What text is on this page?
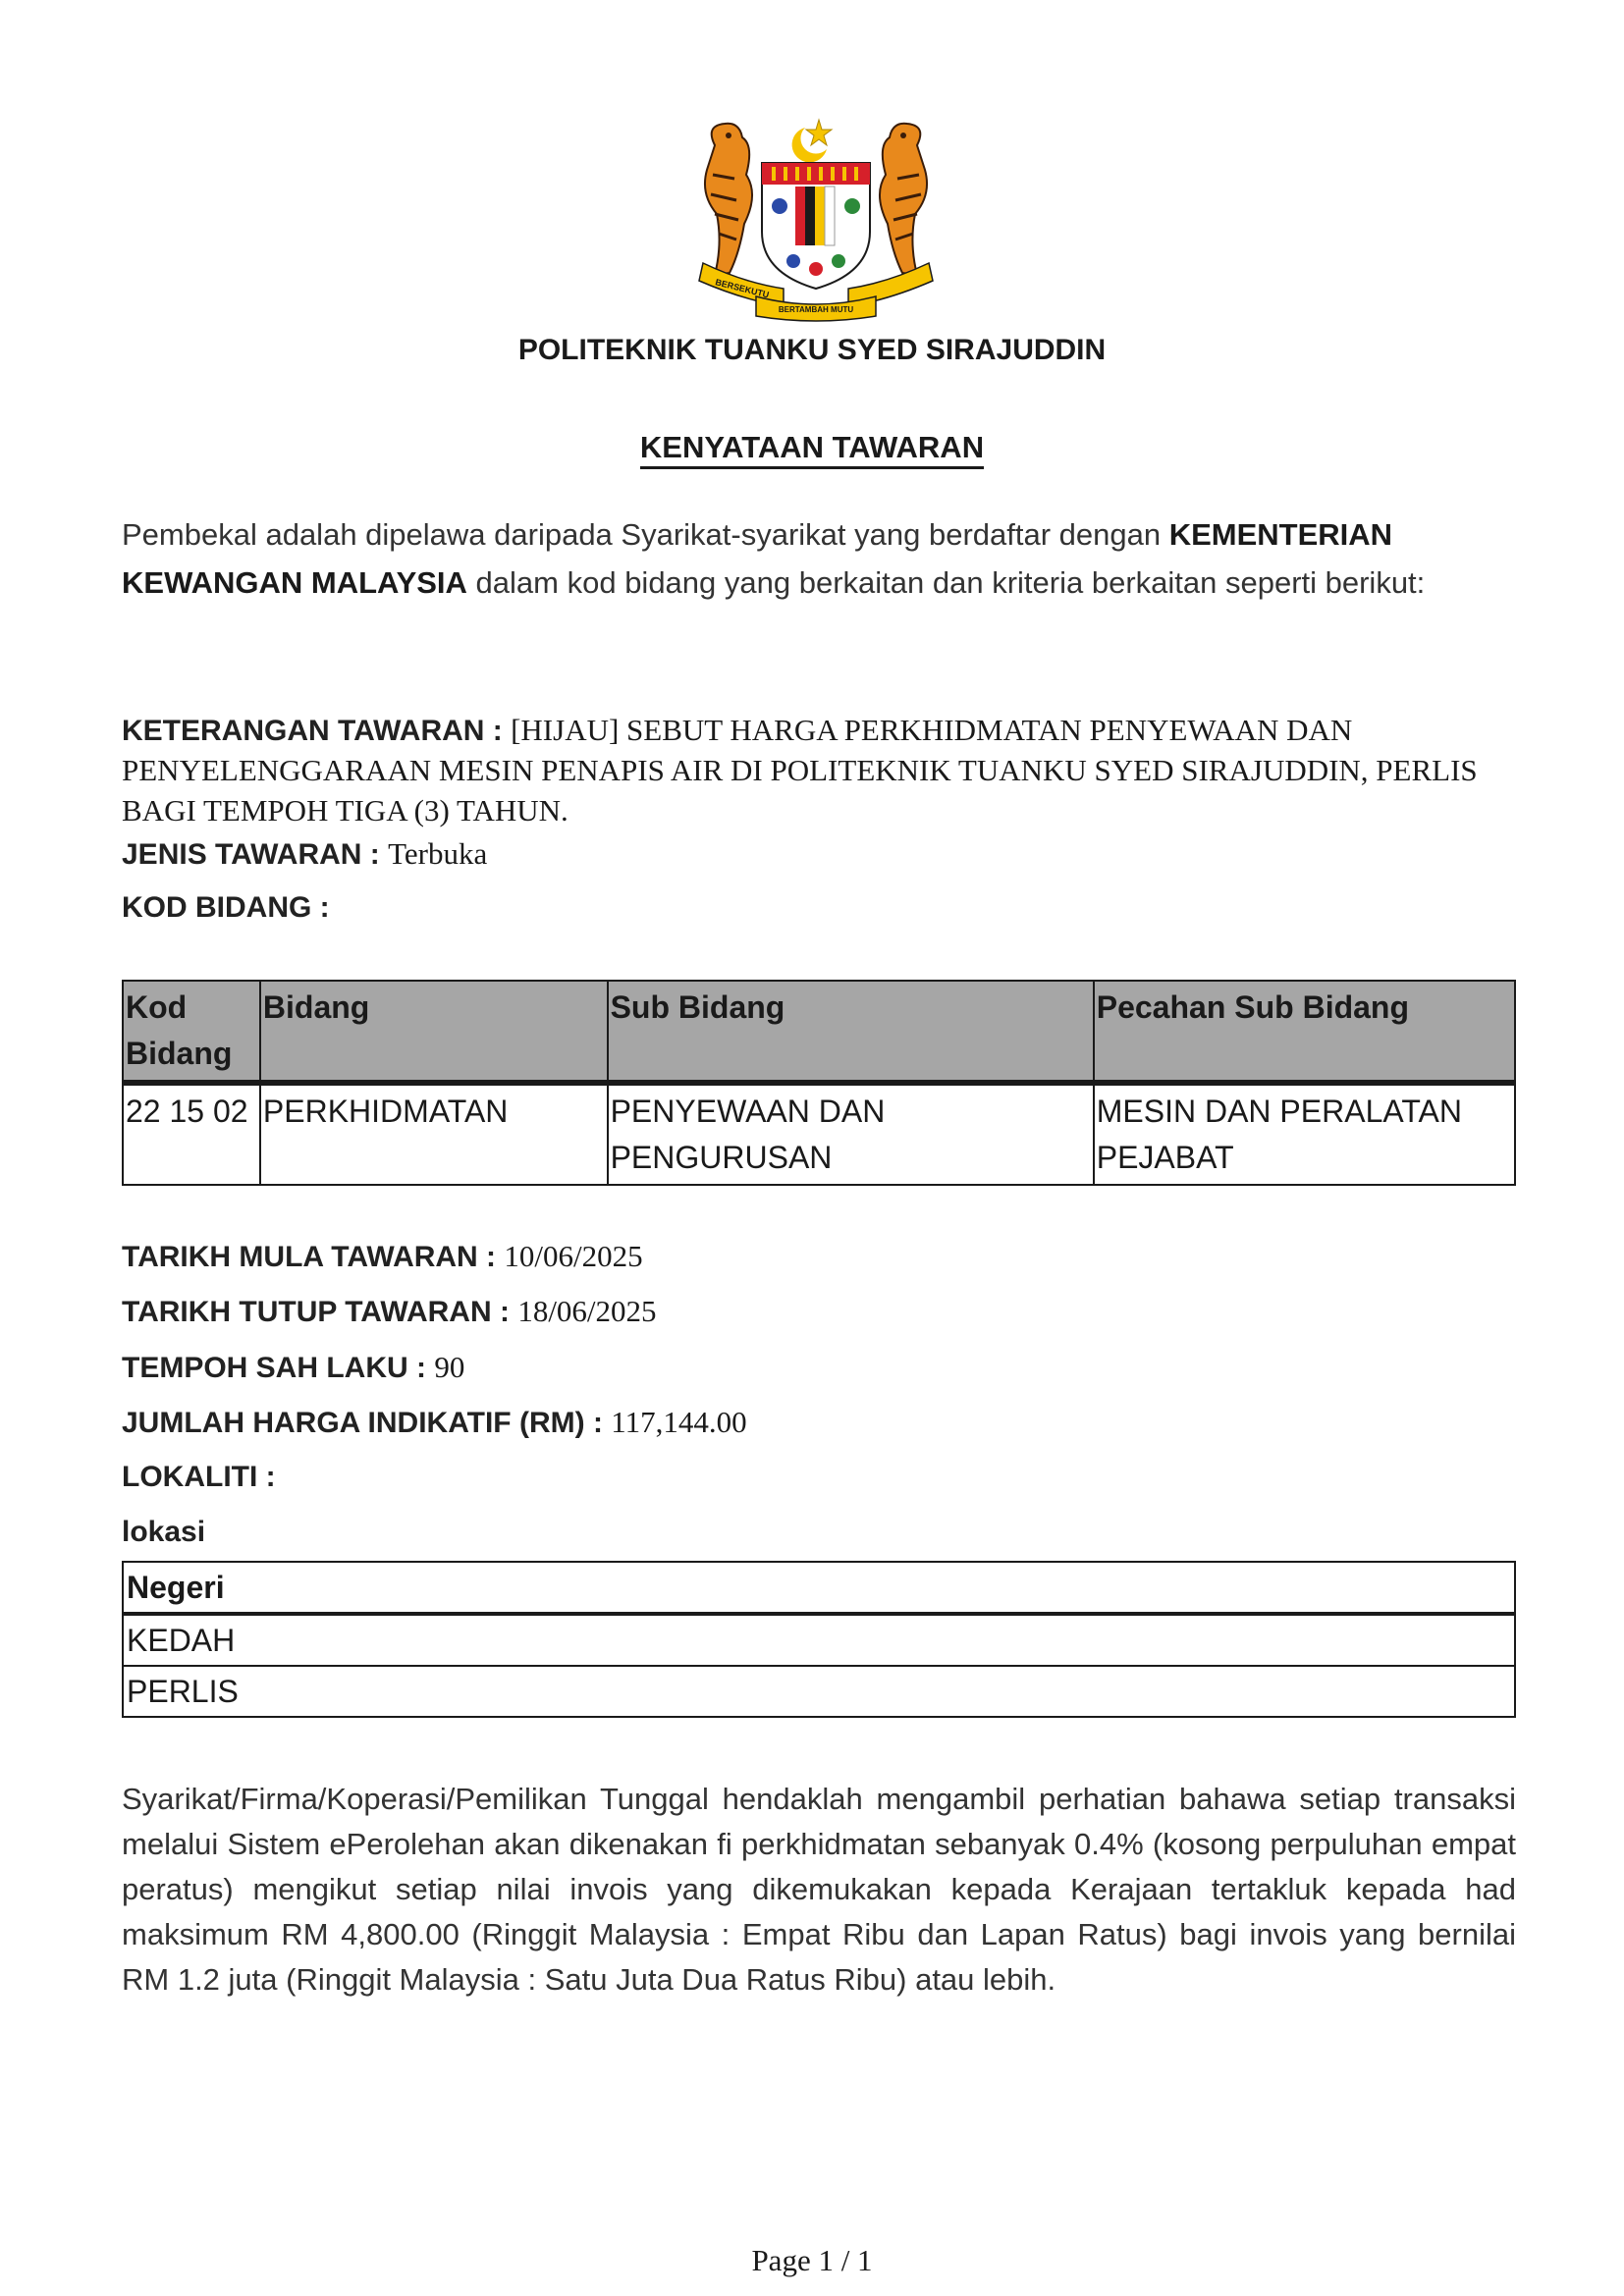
BERSEKUTU
BERTAMBAH MUTU
POLITEKNIK TUANKU SYED SIRAJUDDIN
KENYATAAN TAWARAN
Pembekal adalah dipelawa daripada Syarikat-syarikat yang berdaftar dengan KEMENTERIAN KEWANGAN MALAYSIA dalam kod bidang yang berkaitan dan kriteria berkaitan seperti berikut:
KETERANGAN TAWARAN : [HIJAU] SEBUT HARGA PERKHIDMATAN PENYEWAAN DAN PENYELENGGARAAN MESIN PENAPIS AIR DI POLITEKNIK TUANKU SYED SIRAJUDDIN, PERLIS BAGI TEMPOH TIGA (3) TAHUN.
JENIS TAWARAN : Terbuka
KOD BIDANG :
Kod Bidang	Bidang	Sub Bidang	Pecahan Sub Bidang
22 15 02	PERKHIDMATAN	PENYEWAAN DAN PENGURUSAN	MESIN DAN PERALATAN PEJABAT
TARIKH MULA TAWARAN : 10/06/2025
TARIKH TUTUP TAWARAN : 18/06/2025
TEMPOH SAH LAKU : 90
JUMLAH HARGA INDIKATIF (RM) : 117,144.00
LOKALITI :
lokasi
Negeri
KEDAH
PERLIS
Syarikat/Firma/Koperasi/Pemilikan Tunggal hendaklah mengambil perhatian bahawa setiap transaksi melalui Sistem ePerolehan akan dikenakan fi perkhidmatan sebanyak 0.4% (kosong perpuluhan empat peratus) mengikut setiap nilai invois yang dikemukakan kepada Kerajaan tertakluk kepada had maksimum RM 4,800.00 (Ringgit Malaysia : Empat Ribu dan Lapan Ratus) bagi invois yang bernilai RM 1.2 juta (Ringgit Malaysia : Satu Juta Dua Ratus Ribu) atau lebih.
Page 1 / 1
